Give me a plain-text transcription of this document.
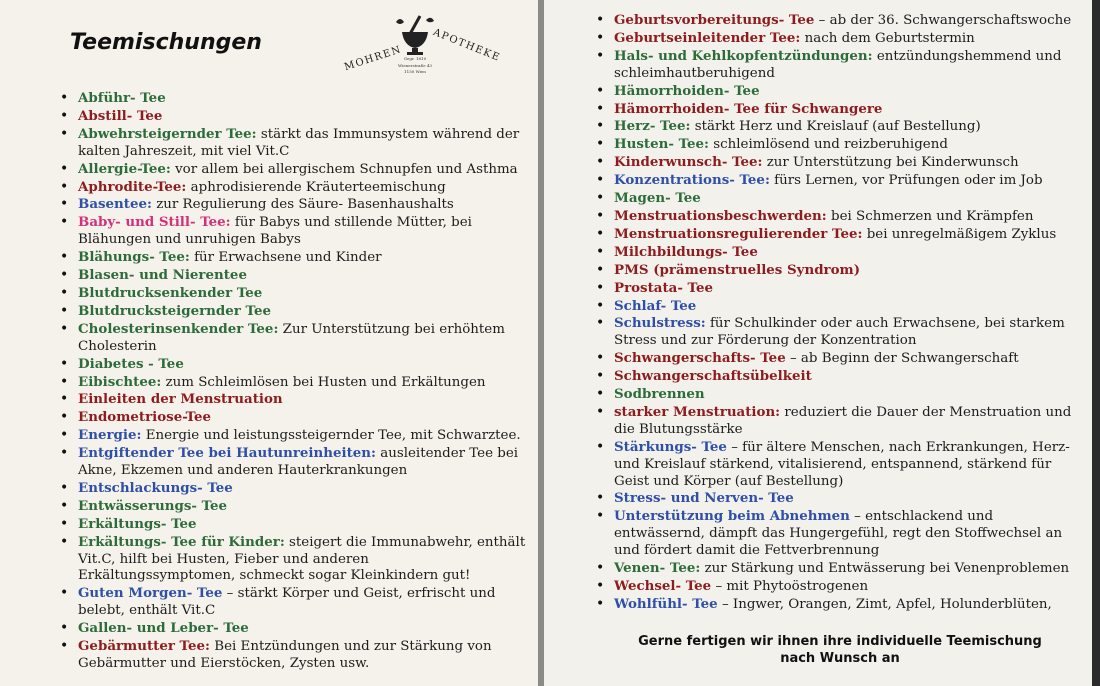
Teemischungen
Gegr. 1810
Wienerstraße 43
1150 Wien
MOHREN	APOTHEKE
• Abführ- Tee
• Abstill- Tee
• Abwehrsteigernder Tee: stärkt das Immunsystem während der kalten Jahreszeit, mit viel Vit.C
• Allergie-Tee: vor allem bei allergischem Schnupfen und Asthma
• Aphrodite-Tee: aphrodisierende Kräuterteemischung
• Basentee: zur Regulierung des Säure- Basenhaushalts
• Baby- und Still- Tee: für Babys und stillende Mütter, bei Blähungen und unruhigen Babys
• Blähungs- Tee: für Erwachsene und Kinder
• Blasen- und Nierentee
• Blutdrucksenkender Tee
• Blutdrucksteigernder Tee
• Cholesterinsenkender Tee: Zur Unterstützung bei erhöhtem Cholesterin
• Diabetes - Tee
• Eibischtee: zum Schleimlösen bei Husten und Erkältungen
• Einleiten der Menstruation
• Endometriose-Tee
• Energie: Energie und leistungssteigernder Tee, mit Schwarztee.
• Entgiftender Tee bei Hautunreinheiten: ausleitender Tee bei Akne, Ekzemen und anderen Hauterkrankungen
• Entschlackungs- Tee
• Entwässerungs- Tee
• Erkältungs- Tee
• Erkältungs- Tee für Kinder: steigert die Immunabwehr, enthält Vit.C, hilft bei Husten, Fieber und anderen Erkältungssymptomen, schmeckt sogar Kleinkindern gut!
• Guten Morgen- Tee – stärkt Körper und Geist, erfrischt und belebt, enthält Vit.C
• Gallen- und Leber- Tee
• Gebärmutter Tee: Bei Entzündungen und zur Stärkung von Gebärmutter und Eierstöcken, Zysten usw.
• Geburtsvorbereitungs- Tee – ab der 36. Schwangerschaftswoche
• Geburtseinleitender Tee: nach dem Geburtstermin
• Hals- und Kehlkopfentzündungen: entzündungshemmend und schleimhautberuhigend
• Hämorrhoiden- Tee
• Hämorrhoiden- Tee für Schwangere
• Herz- Tee: stärkt Herz und Kreislauf (auf Bestellung)
• Husten- Tee: schleimlösend und reizberuhigend
• Kinderwunsch- Tee: zur Unterstützung bei Kinderwunsch
• Konzentrations- Tee: fürs Lernen, vor Prüfungen oder im Job
• Magen- Tee
• Menstruationsbeschwerden: bei Schmerzen und Krämpfen
• Menstruationsregulierender Tee: bei unregelmäßigem Zyklus
• Milchbildungs- Tee
• PMS (prämenstruelles Syndrom)
• Prostata- Tee
• Schlaf- Tee
• Schulstress: für Schulkinder oder auch Erwachsene, bei starkem Stress und zur Förderung der Konzentration
• Schwangerschafts- Tee – ab Beginn der Schwangerschaft
• Schwangerschaftsübelkeit
• Sodbrennen
• starker Menstruation: reduziert die Dauer der Menstruation und die Blutungsstärke
• Stärkungs- Tee – für ältere Menschen, nach Erkrankungen, Herz- und Kreislauf stärkend, vitalisierend, entspannend, stärkend für Geist und Körper (auf Bestellung)
• Stress- und Nerven- Tee
• Unterstützung beim Abnehmen – entschlackend und entwässernd, dämpft das Hungergefühl, regt den Stoffwechsel an und fördert damit die Fettverbrennung
• Venen- Tee: zur Stärkung und Entwässerung bei Venenproblemen
• Wechsel- Tee – mit Phytoöstrogenen
• Wohlfühl- Tee – Ingwer, Orangen, Zimt, Apfel, Holunderblüten,
Gerne fertigen wir ihnen ihre individuelle Teemischung
nach Wunsch an
